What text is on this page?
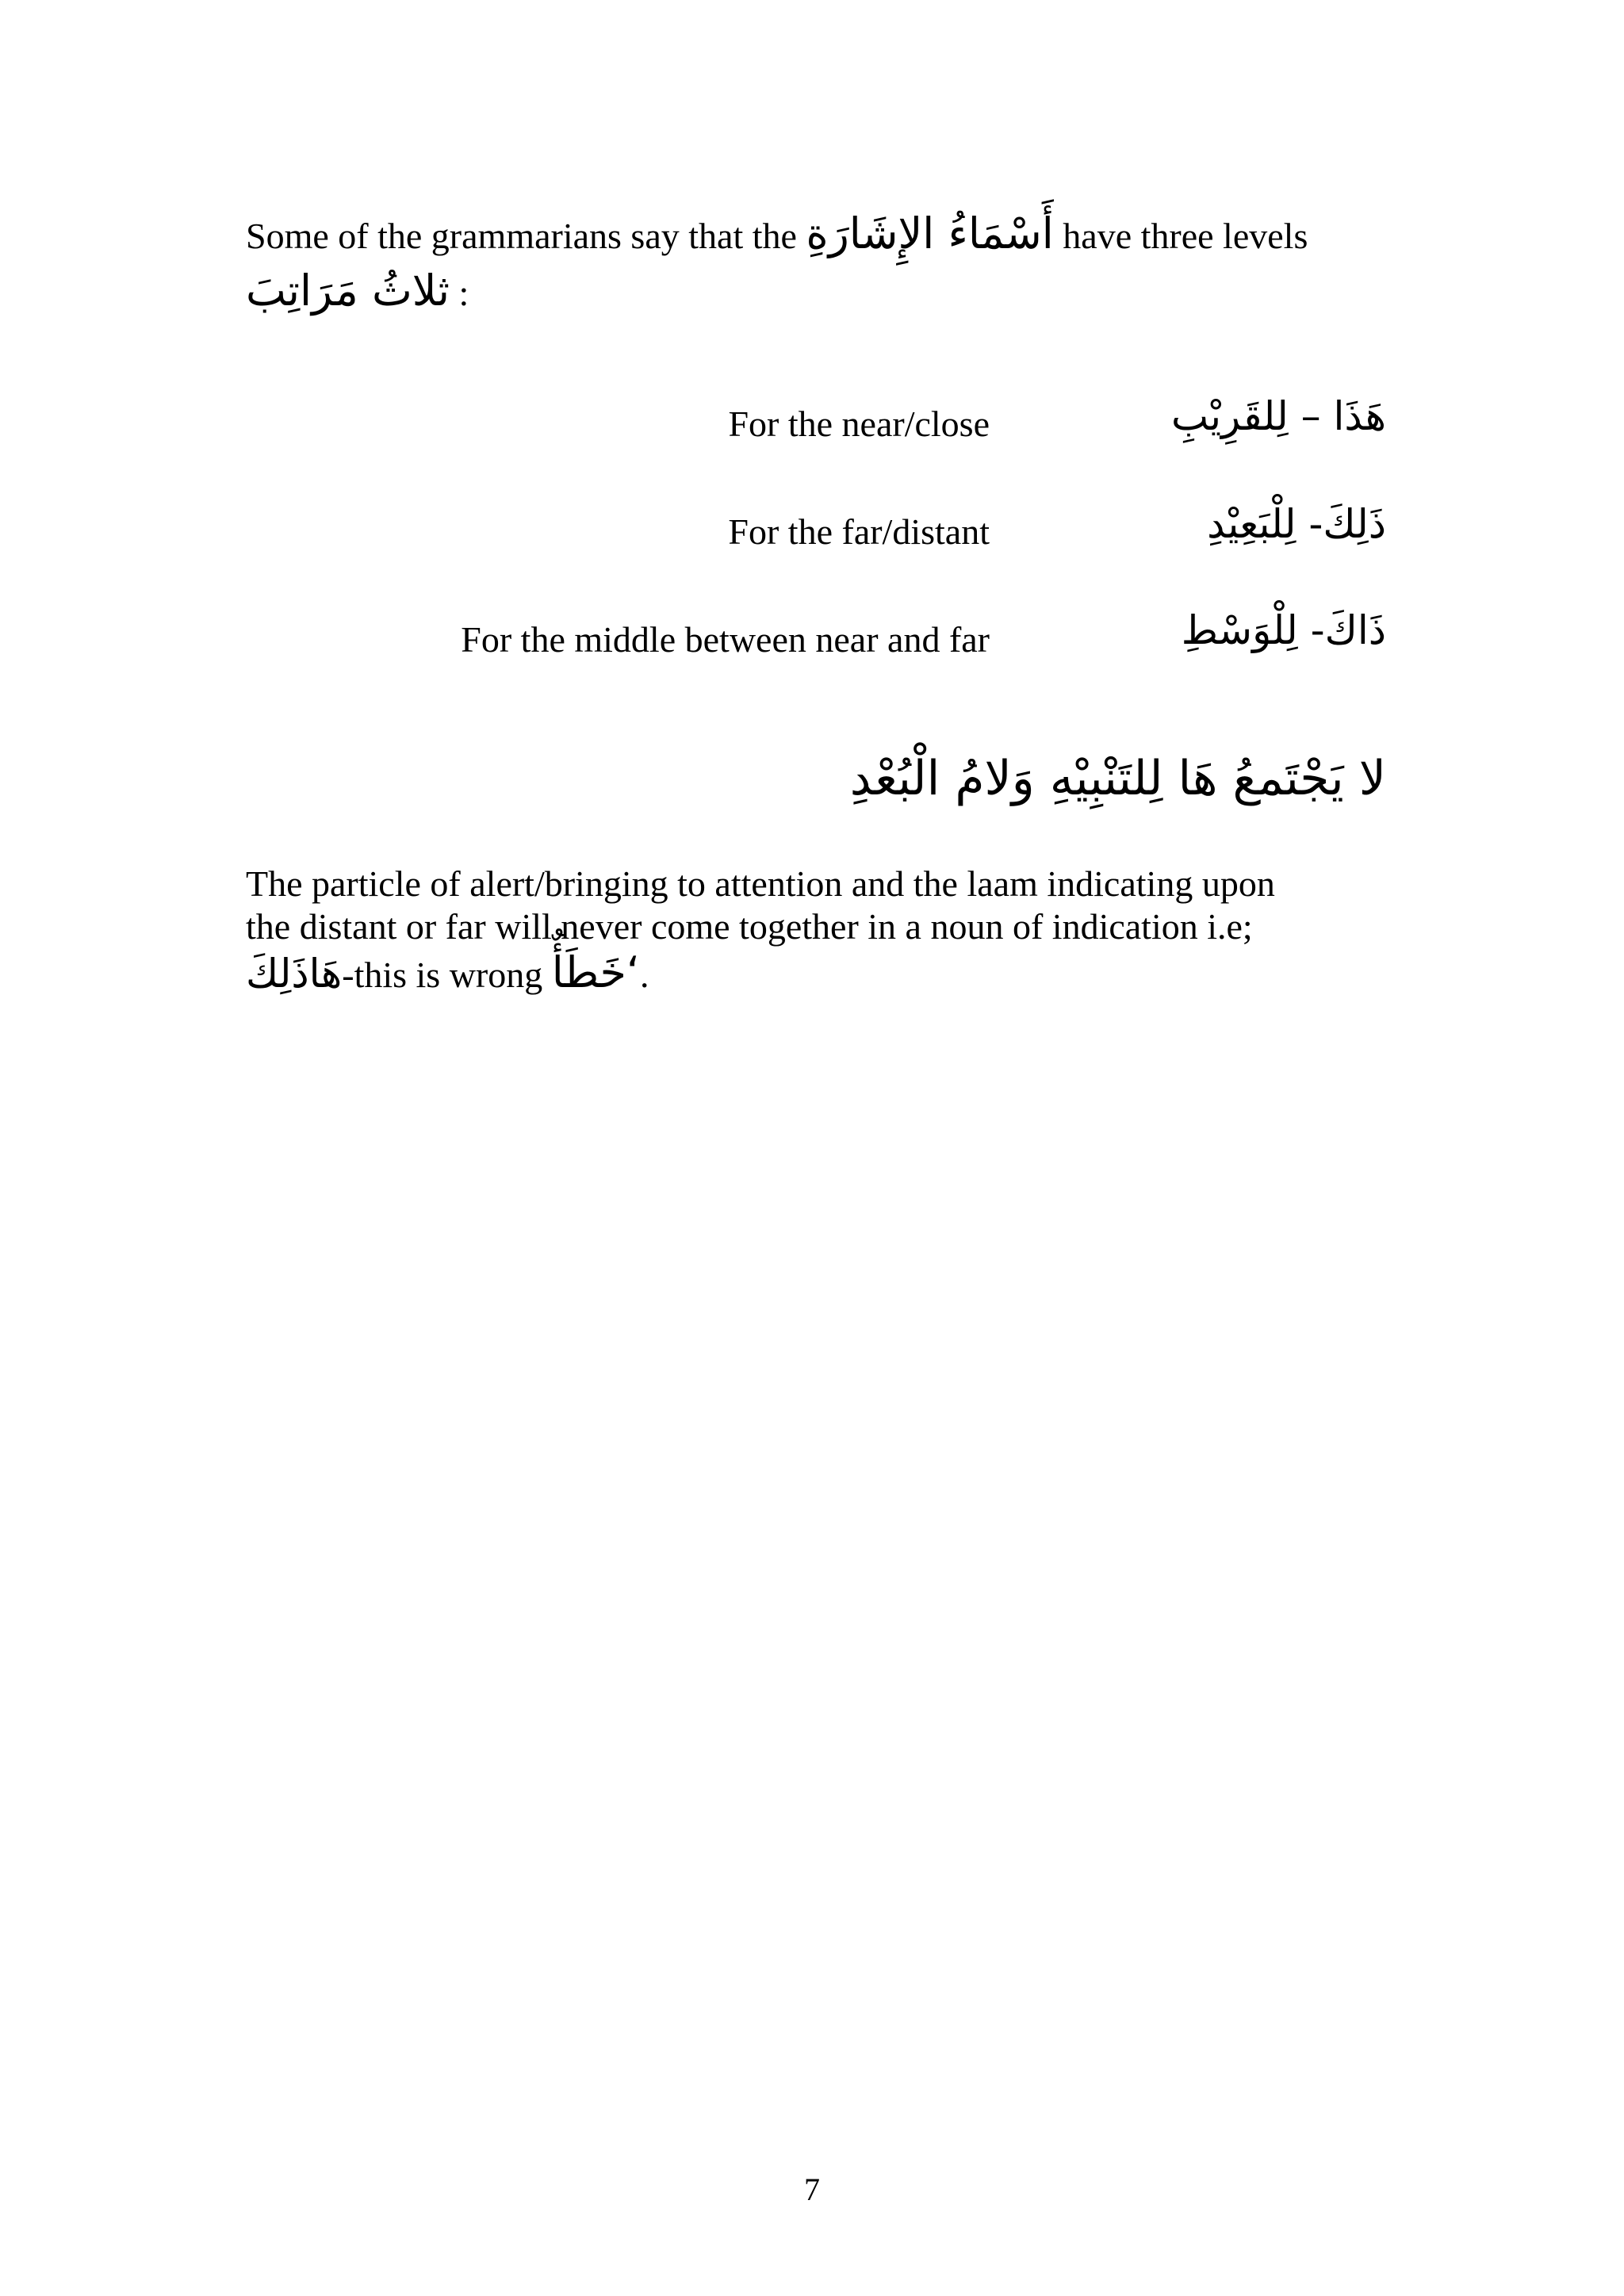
Some of the grammarians say that the أَسْمَاءُ الإِشَارَةِ have three levels
ثلاثُ مَرَاتِبَ :
For the near/close	هَذَا – لِلقَرِيْبِ
For the far/distant	ذَلِكَ- لِلْبَعِيْدِ
For the middle between near and far	ذَاكَ- لِلْوَسْطِ
لا يَجْتَمعُ هَا لِلتَنْبِيْهِ وَلامُ الْبُعْدِ
The particle of alert/bringing to attention and the laam indicating upon
the distant or far will never come together in a noun of indication i.e;
هَاذَلِكَ-this is wrong ‘خَطَأٌ.
7
